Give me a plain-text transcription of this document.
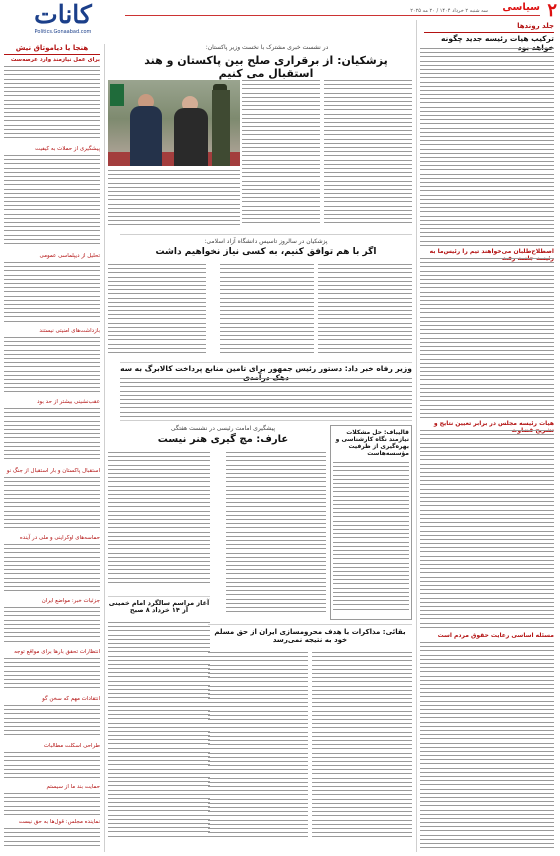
۲
سیاسی
سه شنبه ۲ خرداد ۱۴۰۴ / ۲۰ مه ۲۰۲۵
کانات
Politics.Gonaabad.com
جلد روندها
ترکیب هیات رئیسه جدید چگونه
اصطلاح‌طلبان می‌خواهند تیم را رئیس‌ما به
هیات رئیسه مجلس در برابر تعیین نتایج و
مسئله اساسی رعایت حقوق مردم است
در نشست خبری مشترک با نخست وزیر پاکستان:
پزشکیان: از برقراری صلح بین پاکستان و هند استقبال می کنیم
پزشکیان در سالروز تاسیس دانشگاه آزاد اسلامی:
اگر با هم توافق کنیم، به کسی نیاز نخواهیم داشت
وزیر رفاه خبر داد: دستور رئیس جمهور برای تامین منابع پرداخت کالابرگ به سه
قالیباف: حل مشکلات نیازمند نگاه کارشناسی و بهره‌گیری از ظرفیت مؤسسه‌هاست
پیشگیری امامت رئیسی در نشست هفتگی
عارف: مچ گیری هنر نیست
آغاز مراسم سالگرد امام خمینی از ۱۴ خرداد ۸ صبح
بقائی: مذاکرات با هدف محرومسازی ایران از حق مسلم خود به نتیجه نمی‌رسد
هنجا یا دیاموتاق نیش
برای عمل نیازمند وارد عرصه‌ست
پیشگیری از حملات به کیفیت
تحلیل از دیپلماسی عمومی
بازداشت‌های امنیتی نیستند
عقب‌نشینی بیشتر از حد بود
استقبال پاکستان و بار استقبال از جنگ نو
حماسه‌های اوکراینی و ملی در آینده
جزئیات خبر: مواضع ایران
انتظارات تحقق بارها برای مواقع توجه
انتقادات مهم که سخن گو
طراحی اسکلت مطالبات
حمایت بند ما از سیستم
نماینده مجلس: قول‌ها به حق نیست
